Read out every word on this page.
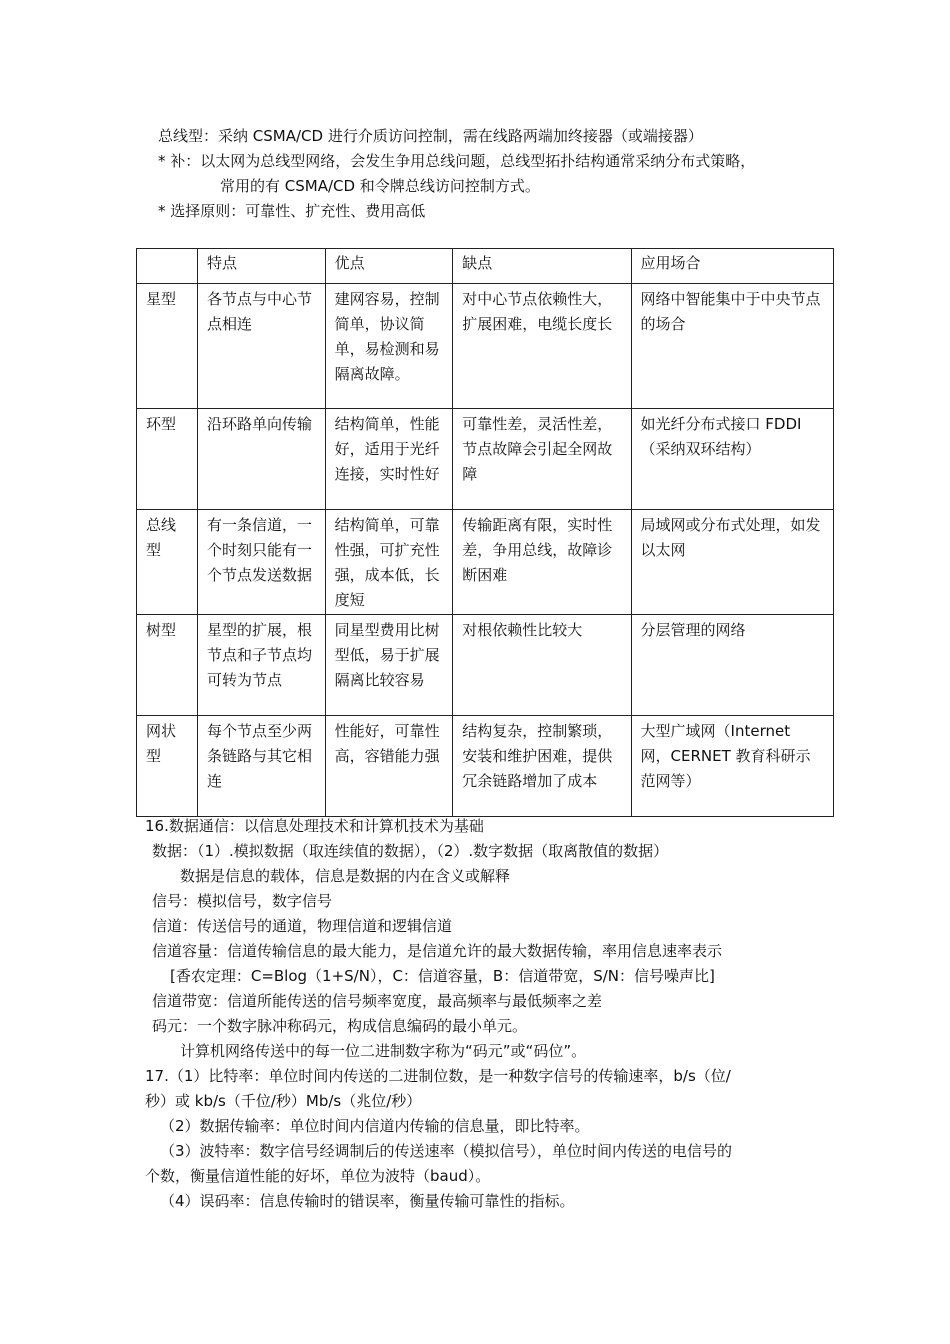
总线型：采纳 CSMA/CD 进行介质访问控制，需在线路两端加终接器（或端接器）
* 补：以太网为总线型网络，会发生争用总线问题，总线型拓扑结构通常采纳分布式策略，
常用的有 CSMA/CD 和令牌总线访问控制方式。
* 选择原则：可靠性、扩充性、费用高低
	特点	优点	缺点	应用场合
星型	各节点与中心节点相连	建网容易，控制简单，协议简单，易检测和易隔离故障。	对中心节点依赖性大，扩展困难，电缆长度长	网络中智能集中于中央节点的场合
环型	沿环路单向传输	结构简单，性能好，适用于光纤连接，实时性好	可靠性差，灵活性差，节点故障会引起全网故障	如光纤分布式接口 FDDI（采纳双环结构）
总线型	有一条信道，一个时刻只能有一个节点发送数据	结构简单，可靠性强，可扩充性强，成本低，长度短	传输距离有限，实时性差，争用总线，故障诊断困难	局域网或分布式处理，如发以太网
树型	星型的扩展，根节点和子节点均可转为节点	同星型费用比树型低，易于扩展隔离比较容易	对根依赖性比较大	分层管理的网络
网状型	每个节点至少两条链路与其它相连	性能好，可靠性高，容错能力强	结构复杂，控制繁琐，安装和维护困难，提供冗余链路增加了成本	大型广域网（Internet 网，CERNET 教育科研示范网等）
16.数据通信：以信息处理技术和计算机技术为基础
数据：（1）.模拟数据（取连续值的数据），（2）.数字数据（取离散值的数据）
数据是信息的载体，信息是数据的内在含义或解释
信号：模拟信号，数字信号
信道：传送信号的通道，物理信道和逻辑信道
信道容量：信道传输信息的最大能力，是信道允许的最大数据传输，率用信息速率表示
[香农定理：C=Blog（1+S/N），C：信道容量，B：信道带宽，S/N：信号噪声比]
信道带宽：信道所能传送的信号频率宽度，最高频率与最低频率之差
码元：一个数字脉冲称码元，构成信息编码的最小单元。
计算机网络传送中的每一位二进制数字称为“码元”或“码位”。
17.（1）比特率：单位时间内传送的二进制位数，是一种数字信号的传输速率，b/s（位/
秒）或 kb/s（千位/秒）Mb/s（兆位/秒）
（2）数据传输率：单位时间内信道内传输的信息量，即比特率。
（3）波特率：数字信号经调制后的传送速率（模拟信号），单位时间内传送的电信号的
个数，衡量信道性能的好坏，单位为波特（baud）。
（4）误码率：信息传输时的错误率，衡量传输可靠性的指标。
